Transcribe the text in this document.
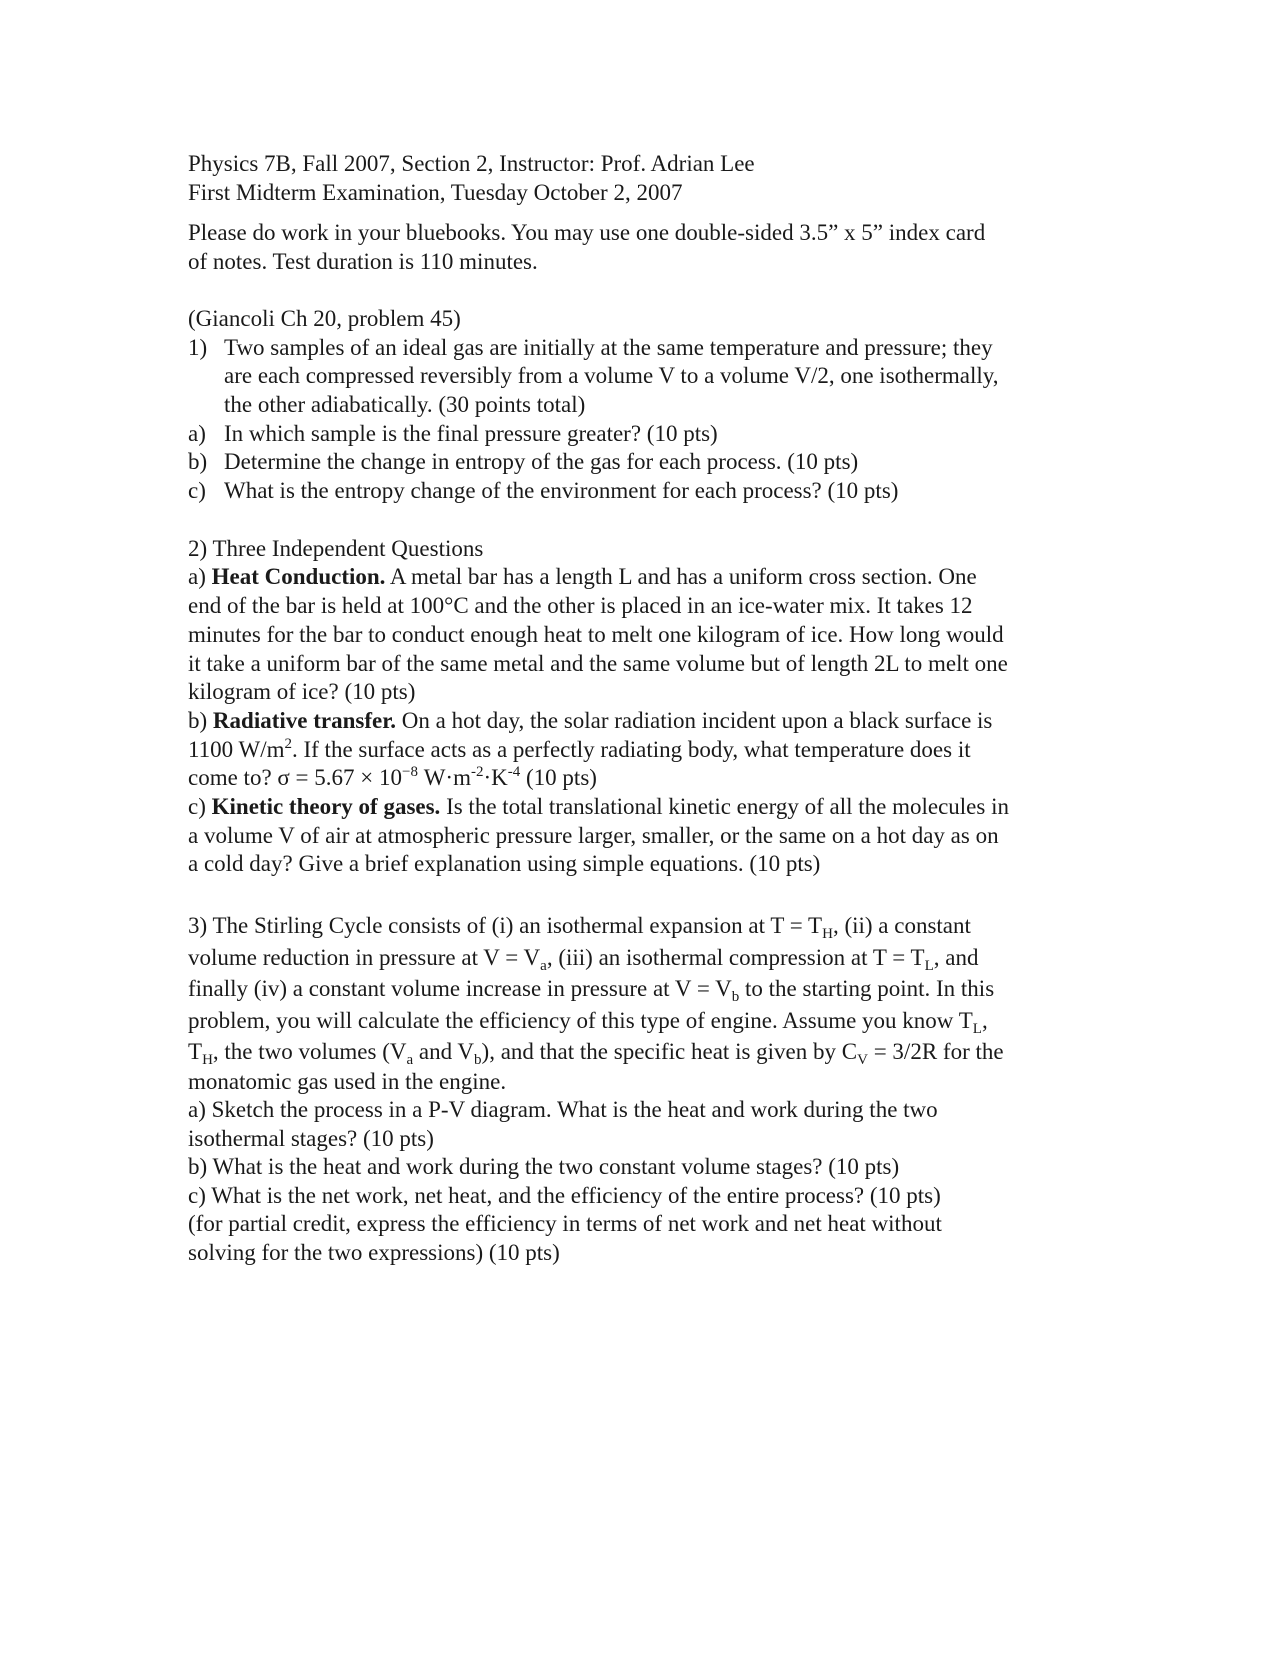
Physics 7B, Fall 2007, Section 2, Instructor: Prof. Adrian Lee
First Midterm Examination, Tuesday October 2, 2007
Please do work in your bluebooks. You may use one double-sided 3.5” x 5” index card
of notes. Test duration is 110 minutes.
(Giancoli Ch 20, problem 45)
1) Two samples of an ideal gas are initially at the same temperature and pressure; they
are each compressed reversibly from a volume V to a volume V/2, one isothermally,
the other adiabatically. (30 points total)
a) In which sample is the final pressure greater? (10 pts)
b) Determine the change in entropy of the gas for each process. (10 pts)
c) What is the entropy change of the environment for each process? (10 pts)
2) Three Independent Questions
a) Heat Conduction. A metal bar has a length L and has a uniform cross section. One
end of the bar is held at 100°C and the other is placed in an ice-water mix. It takes 12
minutes for the bar to conduct enough heat to melt one kilogram of ice. How long would
it take a uniform bar of the same metal and the same volume but of length 2L to melt one
kilogram of ice? (10 pts)
b) Radiative transfer. On a hot day, the solar radiation incident upon a black surface is
1100 $W/m^2$. If the surface acts as a perfectly radiating body, what temperature does it
come to? $\sigma = 5.67 \times 10^{-8}$ $W\cdot m^{-2}\cdot K^{-4}$ (10 pts)
c) Kinetic theory of gases. Is the total translational kinetic energy of all the molecules in
a volume V of air at atmospheric pressure larger, smaller, or the same on a hot day as on
a cold day? Give a brief explanation using simple equations. (10 pts)
3) The Stirling Cycle consists of (i) an isothermal expansion at $T = T_H$, (ii) a constant
volume reduction in pressure at $V = V_a$, (iii) an isothermal compression at $T = T_L$, and
finally (iv) a constant volume increase in pressure at $V = V_b$ to the starting point. In this
problem, you will calculate the efficiency of this type of engine. Assume you know $T_L$,
$T_H$, the two volumes ($V_a$ and $V_b$), and that the specific heat is given by $C_V = 3/2R$ for the
monatomic gas used in the engine.
a) Sketch the process in a P-V diagram. What is the heat and work during the two
isothermal stages? (10 pts)
b) What is the heat and work during the two constant volume stages? (10 pts)
c) What is the net work, net heat, and the efficiency of the entire process? (10 pts)
(for partial credit, express the efficiency in terms of net work and net heat without
solving for the two expressions) (10 pts)
